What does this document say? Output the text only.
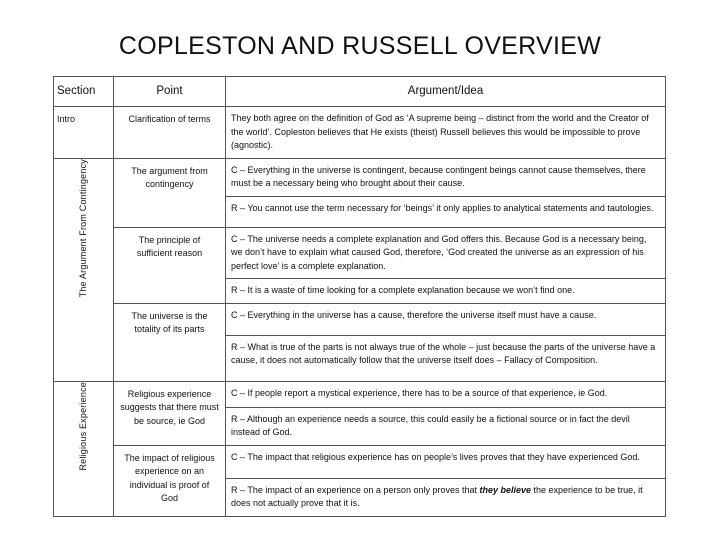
COPLESTON AND RUSSELL OVERVIEW
Section	Point	Argument/Idea
Intro	Clarification of terms	They both agree on the definition of God as ‘A supreme being – distinct from the world and the Creator of the world’. Copleston believes that He exists (theist) Russell believes this would be impossible to prove (agnostic).
The Argument From Contingency	The argument from contingency	C – Everything in the universe is contingent, because contingent beings cannot cause themselves, there must be a necessary being who brought about their cause.
		R – You cannot use the term necessary for ‘beings’ it only applies to analytical statements and tautologies.
	The principle of sufficient reason	C – The universe needs a complete explanation and God offers this. Because God is a necessary being, we don’t have to explain what caused God, therefore, ‘God created the universe as an expression of his perfect love’ is a complete explanation.
		R – It is a waste of time looking for a complete explanation because we won’t find one.
	The universe is the totality of its parts	C – Everything in the universe has a cause, therefore the universe itself must have a cause.
		R – What is true of the parts is not always true of the whole – just because the parts of the universe have a cause, it does not automatically follow that the universe itself does – Fallacy of Composition.
Religious Experience	Religious experience suggests that there must be source, ie God	C – If people report a mystical experience, there has to be a source of that experience, ie God.
		R – Although an experience needs a source, this could easily be a fictional source or in fact the devil instead of God.
	The impact of religious experience on an individual is proof of God	C – The impact that religious experience has on people’s lives proves that they have experienced God.
		R – The impact of an experience on a person only proves that they believe the experience to be true, it does not actually prove that it is.
